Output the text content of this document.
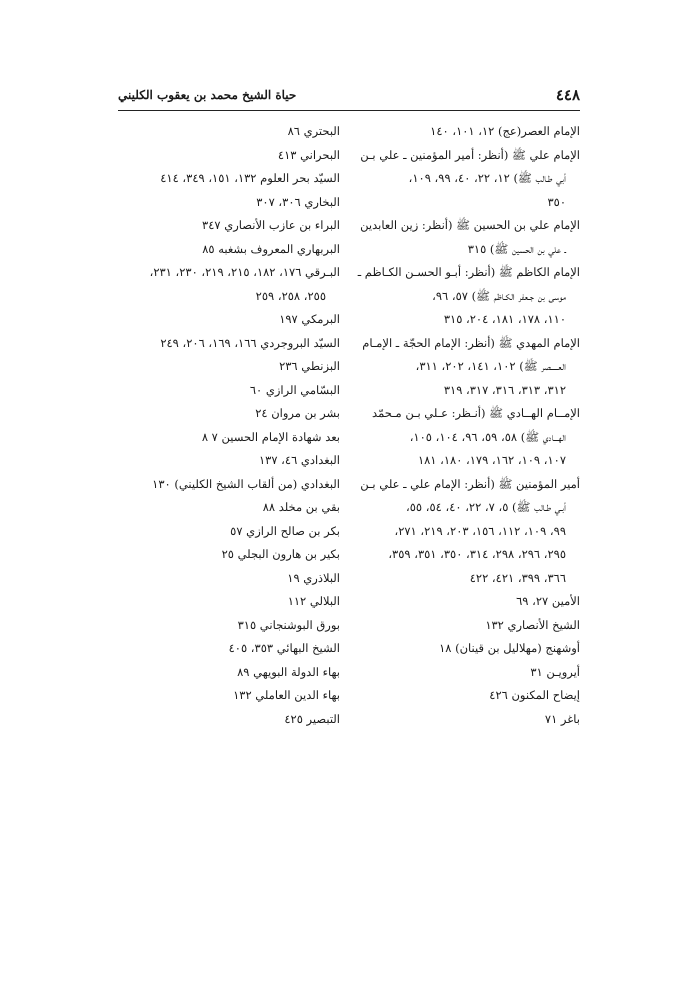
٤٤٨
حياة الشيخ محمد بن يعقوب الكليني
الإمام العصر(عج) ١٢، ١٠١، ١٤٠
الإمام علي ﷺ (أنظر: أمير المؤمنين ـ علي بـن
أبي طـالب ﷺ) ١٢، ٢٢، ٤٠، ٩٩، ١٠٩،
٣٥٠
الإمام علي بن الحسين ﷺ (أنظر: زين العابدين
ـ علي بن الحسين ﷺ) ٣١٥
الإمام الكاظم ﷺ (أنظر: أبـو الحسـن الكـاظم ـ
موسى بن جـعفر الكـاظم ﷺ) ٥٧، ٩٦،
١١٠، ١٧٨، ١٨١، ٢٠٤، ٣١٥
الإمام المهدي ﷺ (أنظر: الإمام الحجّة ـ الإمـام
العـــــصر ﷺ) ١٠٢، ١٤١، ٢٠٢، ٣١١،
٣١٢، ٣١٣، ٣١٦، ٣١٧، ٣١٩
الإمــام الهــادي ﷺ (أنـظر: عـلي بـن مـحمّد
الهـــادي ﷺ) ٥٨، ٥٩، ٩٦، ١٠٤، ١٠٥،
١٠٧، ١٠٩، ١٦٢، ١٧٩، ١٨٠، ١٨١
أمير المؤمنين ﷺ (أنظر: الإمام علي ـ علي بـن
أبـي طـالب ﷺ) ٥، ٧، ٢٢، ٤٠، ٥٤، ٥٥،
٩٩، ١٠٩، ١١٢، ١٥٦، ٢٠٣، ٢١٩، ٢٧١،
٢٩٥، ٢٩٦، ٢٩٨، ٣١٤، ٣٥٠، ٣٥١، ٣٥٩،
٣٦٦، ٣٩٩، ٤٢١، ٤٢٢
الأمين ٢٧، ٦٩
الشيخ الأنصاري ١٣٢
أوشهنج (مهلاليل بن قينان) ١٨
أيرويـن ٣١
إيضاح المكنون ٤٢٦
باغر ٧١
البحتري ٨٦
البحراني ٤١٣
السيّد بحر العلوم ١٣٢، ١٥١، ٣٤٩، ٤١٤
البخاري ٣٠٦، ٣٠٧
البراء بن عازب الأنصاري ٣٤٧
البربهاري المعروف بشغبه ٨٥
البـرقي ١٧٦، ١٨٢، ٢١٥، ٢١٩، ٢٣٠، ٢٣١،
٢٥٥، ٢٥٨، ٢٥٩
البرمكي ١٩٧
السيّد البروجردي ١٦٦، ١٦٩، ٢٠٦، ٢٤٩
البزنطي ٢٣٦
البسّامي الرازي ٦٠
بشر بن مروان ٢٤
بعد شهادة الإمام الحسين ٧ ٨
البغدادي ٤٦، ١٣٧
البغدادي (من ألقاب الشيخ الكليني) ١٣٠
بقي بن مخلد ٨٨
بكر بن صالح الرازي ٥٧
بكير بن هارون البجلي ٢٥
البلاذري ١٩
البلالي ١١٢
بورق البوشنجاني ٣١٥
الشيخ البهائي ٣٥٣، ٤٠٥
بهاء الدولة البويهي ٨٩
بهاء الدين العاملي ١٣٢
التبصير ٤٢٥
